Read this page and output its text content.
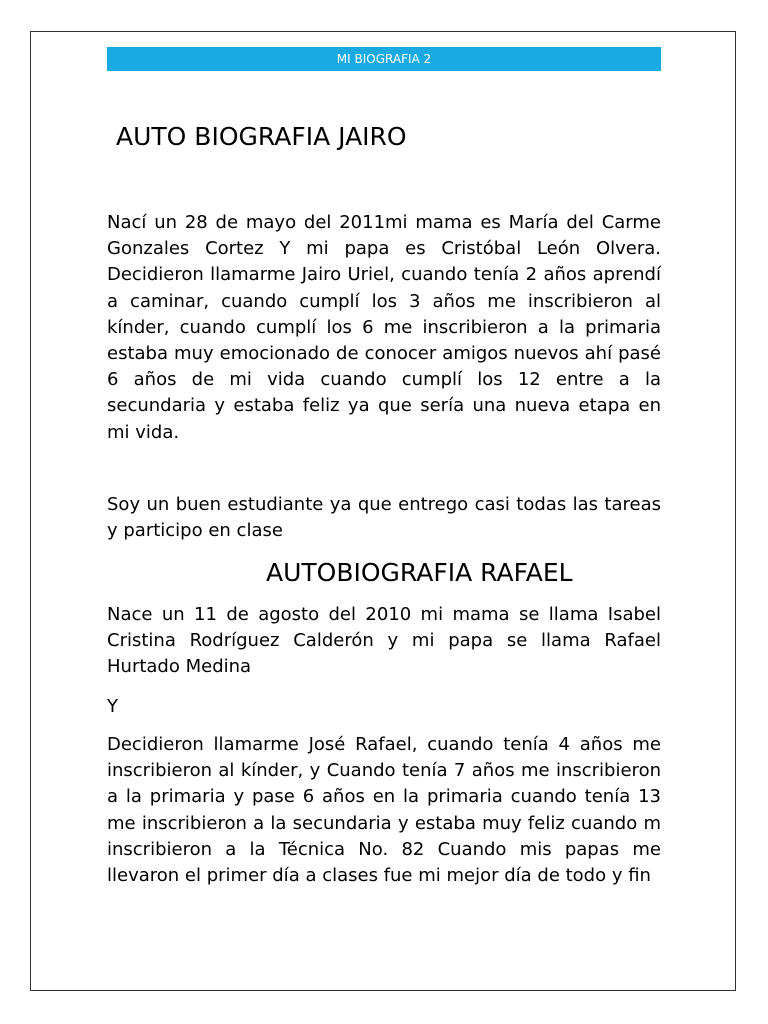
MI BIOGRAFIA 2
AUTO BIOGRAFIA JAIRO

Nací un 28 de mayo del 2011mi mama es María del Carme Gonzales Cortez Y mi papa es Cristóbal León Olvera. Decidieron llamarme Jairo Uriel, cuando tenía 2 años aprendí a caminar, cuando cumplí los 3 años me inscribieron al kínder, cuando cumplí los 6 me inscribieron a la primaria estaba muy emocionado de conocer amigos nuevos ahí pasé 6 años de mi vida cuando cumplí los 12 entre a la secundaria y estaba feliz ya que sería una nueva etapa en mi vida.

Soy un buen estudiante ya que entrego casi todas las tareas y participo en clase

AUTOBIOGRAFIA RAFAEL

Nace un 11 de agosto del 2010 mi mama se llama Isabel Cristina Rodríguez Calderón y mi papa se llama Rafael Hurtado Medina

Y

Decidieron llamarme José Rafael, cuando tenía 4 años me inscribieron al kínder, y Cuando tenía 7 años me inscribieron a la primaria y pase 6 años en la primaria cuando tenía 13 me inscribieron a la secundaria y estaba muy feliz cuando m inscribieron a la Técnica No. 82 Cuando mis papas me llevaron el primer día a clases fue mi mejor día de todo y fin
